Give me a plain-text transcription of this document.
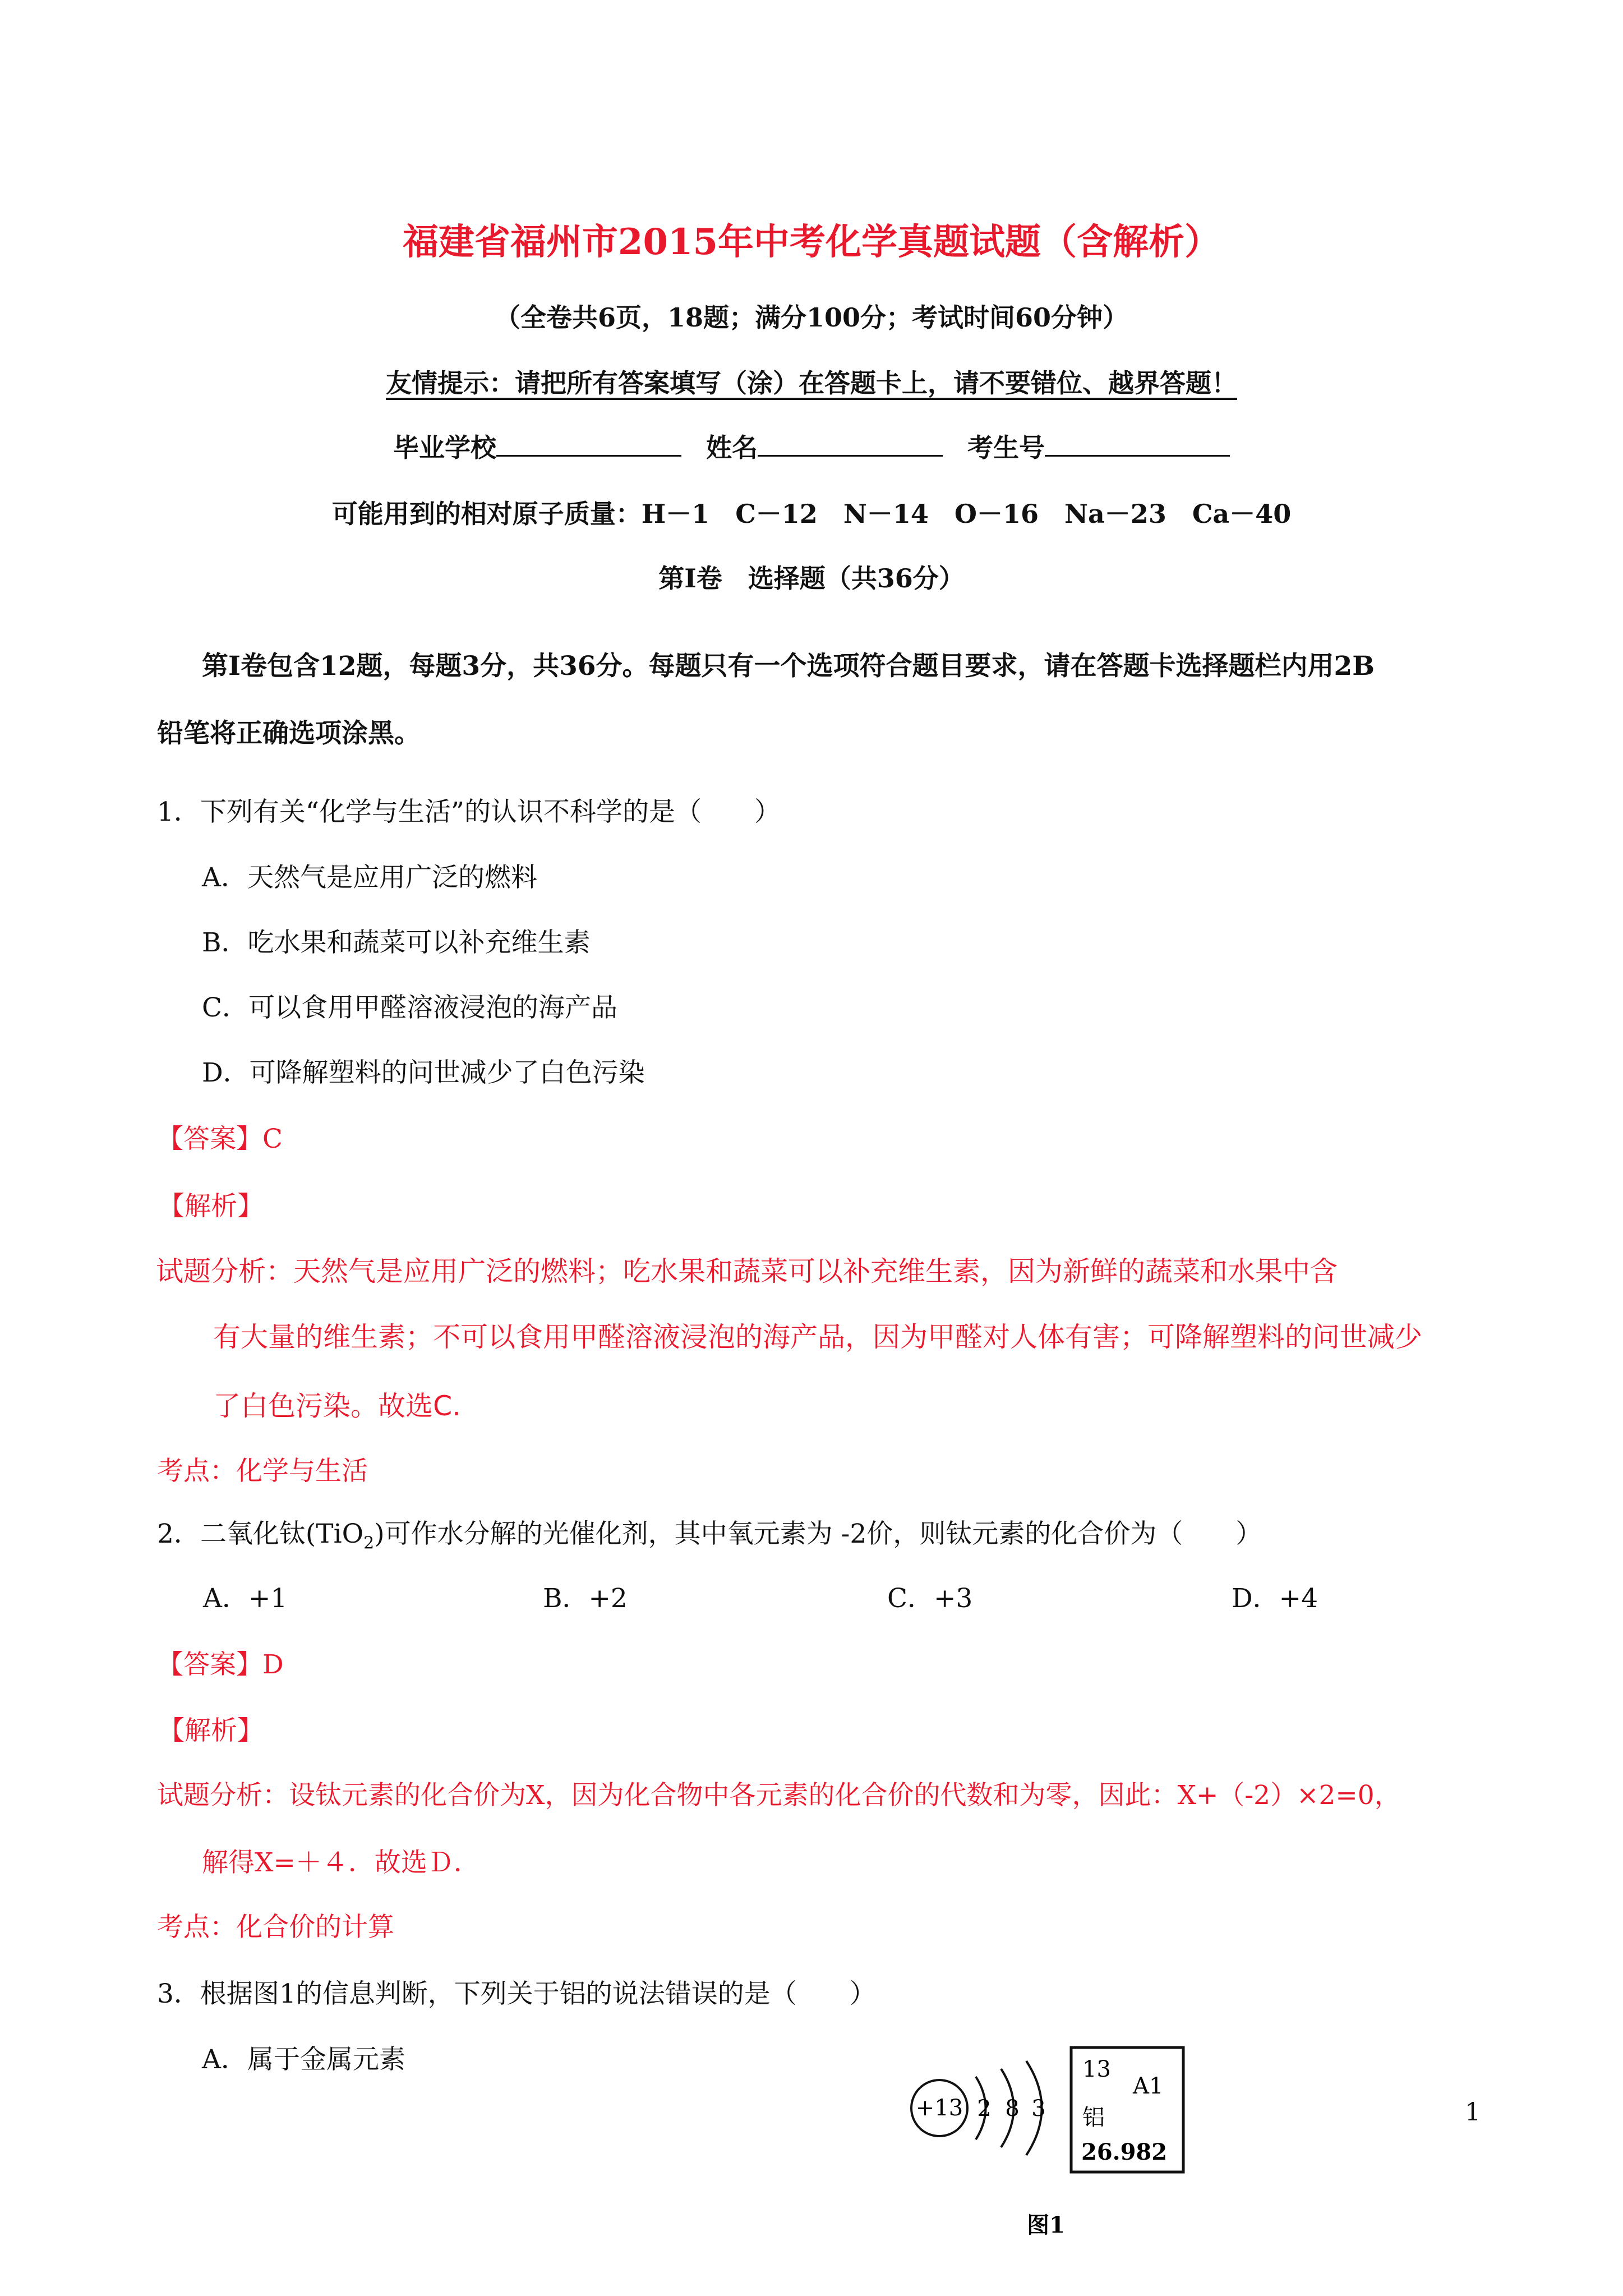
福建省福州市2015年中考化学真题试题（含解析）
（全卷共6页，18题；满分100分；考试时间60分钟）
友情提示：请把所有答案填写（涂）在答题卡上，请不要错位、越界答题！
毕业学校	姓名	考生号
可能用到的相对原子质量：H－1　C－12　N－14　O－16　Na－23　Ca－40
第Ⅰ卷　选择题（共36分）
第Ⅰ卷包含12题，每题3分，共36分。每题只有一个选项符合题目要求，请在答题卡选择题栏内用2B
铅笔将正确选项涂黑。
1．下列有关“化学与生活”的认识不科学的是（　　）
A．天然气是应用广泛的燃料
B．吃水果和蔬菜可以补充维生素
C．可以食用甲醛溶液浸泡的海产品
D．可降解塑料的问世减少了白色污染
【答案】C
【解析】
试题分析：天然气是应用广泛的燃料；吃水果和蔬菜可以补充维生素，因为新鲜的蔬菜和水果中含
有大量的维生素；不可以食用甲醛溶液浸泡的海产品，因为甲醛对人体有害；可降解塑料的问世减少
了白色污染。故选C.
考点：化学与生活
2．二氧化钛(TiO$_2$)可作水分解的光催化剂，其中氧元素为 -2价，则钛元素的化合价为（　　）
A．+1	B．+2	C．+3	D．+4
【答案】D
【解析】
试题分析：设钛元素的化合价为X，因为化合物中各元素的化合价的代数和为零，因此：X+（-2）×2=0，
解得X=＋４．故选Ｄ．
考点：化合价的计算
3．根据图1的信息判断，下列关于铝的说法错误的是（　　）
A．属于金属元素
+13 2 8 3
13
A1
铝
26.982
图1
1
